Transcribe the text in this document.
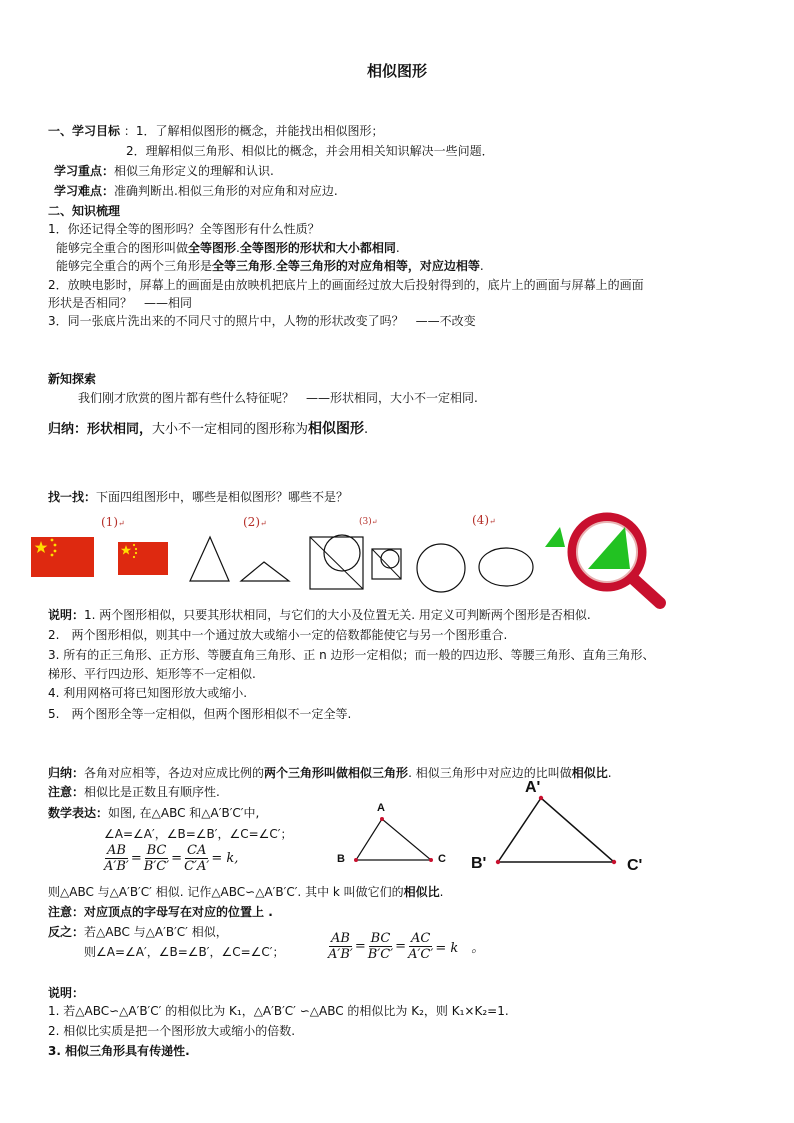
相似图形
一、学习目标 ：1．了解相似图形的概念，并能找出相似图形；
2．理解相似三角形、相似比的概念，并会用相关知识解决一些问题．
学习重点：相似三角形定义的理解和认识.
学习难点：准确判断出.相似三角形的对应角和对应边.
二、知识梳理
1．你还记得全等的图形吗？全等图形有什么性质？
能够完全重合的图形叫做全等图形.全等图形的形状和大小都相同.
能够完全重合的两个三角形是全等三角形.全等三角形的对应角相等，对应边相等.
2．放映电影时，屏幕上的画面是由放映机把底片上的画面经过放大后投射得到的，底片上的画面与屏幕上的画面
形状是否相同？　——相同
3．同一张底片洗出来的不同尺寸的照片中，人物的形状改变了吗？　——不改变
新知探索
我们刚才欣赏的图片都有些什么特征呢？　——形状相同，大小不一定相同.
归纳：形状相同，大小不一定相同的图形称为相似图形.
找一找：下面四组图形中，哪些是相似图形？哪些不是？
(1)↵	(2)↵	(3)↵	(4)↵
说明：1. 两个图形相似，只要其形状相同，与它们的大小及位置无关. 用定义可判断两个图形是否相似.
2.　两个图形相似，则其中一个通过放大或缩小一定的倍数都能使它与另一个图形重合.
3. 所有的正三角形、正方形、等腰直角三角形、正 n 边形一定相似；而一般的四边形、等腰三角形、直角三角形、
梯形、平行四边形、矩形等不一定相似.
4. 利用网格可将已知图形放大或缩小.
5.　两个图形全等一定相似，但两个图形相似不一定全等.
归纳：各角对应相等，各边对应成比例的两个三角形叫做相似三角形. 相似三角形中对应边的比叫做相似比.
注意：相似比是正数且有顺序性.
数学表达：如图, 在△ABC 和△A′B′C′中,
∠A=∠A′，∠B=∠B′，∠C=∠C′；
$\frac{AB}{A'B'} = \frac{BC}{B'C'} = \frac{CA}{C'A'} = k$,
A
B	C
A'
B'	C'
则△ABC 与△A′B′C′ 相似. 记作△ABC∽△A′B′C′. 其中 k 叫做它们的相似比.
注意：对应顶点的字母写在对应的位置上 .
反之：若△ABC 与△A′B′C′ 相似，
则∠A=∠A′，∠B=∠B′，∠C=∠C′；	$\frac{AB}{A'B'} = \frac{BC}{B'C'} = \frac{AC}{A'C'} = k$　。
说明：
1. 若△ABC∽△A′B′C′ 的相似比为 K₁，△A′B′C′ ∽△ABC 的相似比为 K₂，则 K₁×K₂=1.
2. 相似比实质是把一个图形放大或缩小的倍数.
3. 相似三角形具有传递性.
